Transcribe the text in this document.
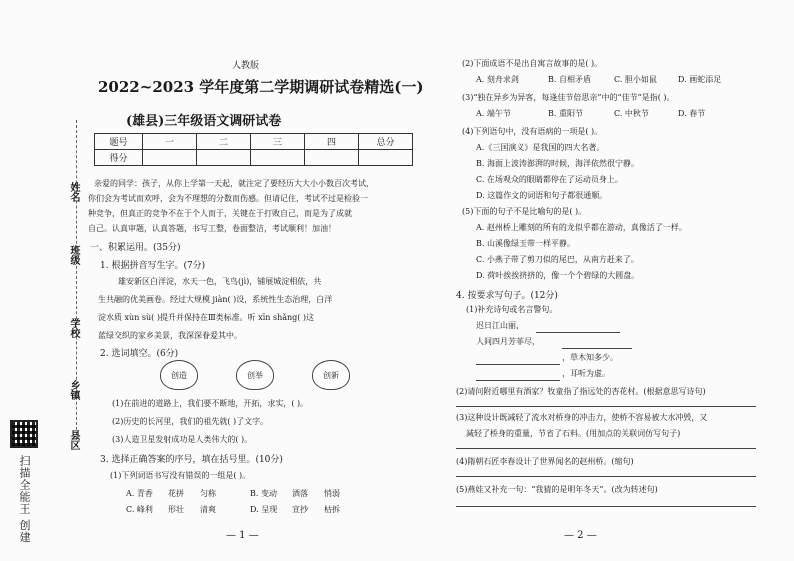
姓名
班级
学校
乡镇
县区
扫描全能王 创建
人教版
2022~2023 学年度第二学期调研试卷精选(一)
(雄县)三年级语文调研试卷
题号	一	二	三	四	总分
得分					
亲爱的同学：孩子，从你上学第一天起，就注定了要经历大大小小数百次考试，
你们会为考试而欢呼，会为不理想的分数而伤感。但请记住，考试不过是检验一
种竞争，但真正的竞争不在于个人而于，关键在于打败自己，而是为了成就
自己。认真审题，认真答题，书写工整，卷面整洁，考试顺利！加油！
一、积累运用。(35分)
1. 根据拼音写生字。(7分)
雄安新区白洋淀，水天一色，飞鸟(jì)，铺展城淀相依，共
生共融的优美画卷。经过大规模 jiàn( )设，系统性生态治理，白洋
淀水质 xùn sù( )提升并保持在Ⅲ类标准。听 xīn shǎng( )这
蓝绿交织的家乡美景，我深深眷爱其中。
2. 选词填空。(6分)
创造	创举	创新
(1)在前进的道路上，我们要不断地，开拓，求实，( )。
(2)历史的长河里，我们的祖先就( )了文字。
(3)人造卫星发射成功是人类伟大的( )。
3. 选择正确答案的序号，填在括号里。(10分)
(1)下列词语书写没有错误的一组是( )。
A. 青香 花拼 匀称	B. 变动 酒落 悄弱
C. 峰利 形壮 清爽	D. 呈现 宣抄 枯拆
— 1 —
(2)下面成语不是出自寓言故事的是( )。
A. 刻舟求剑	B. 自相矛盾	C. 胆小如鼠	D. 画蛇添足
(3)“独在异乡为异客，每逢佳节倍思亲”中的“佳节”是指( )。
A. 端午节	B. 重阳节	C. 中秋节	D. 春节
(4)下列语句中，没有语病的一项是( )。
A.《三国演义》是我国的四大名著。
B. 海面上波涛澎湃的时候，海洋依然很宁静。
C. 在场观众的眼睛都停在了运动员身上。
D. 这篇作文的词语和句子都很通顺。
(5)下面的句子不是比喻句的是( )。
A. 赵州桥上雕刻的所有的龙似乎都在游动，真像活了一样。
B. 山溪像绿玉带一样平静。
C. 小燕子带了剪刀似的尾巴，从南方赶来了。
D. 荷叶挨挨挤挤的，像一个个碧绿的大圆盘。
4. 按要求写句子。(12分)
(1)补充诗句或名言警句。
迟日江山丽，
人间四月芳菲尽，
，草木知多少。
，耳听为虚。
(2)请问附近哪里有酒家？牧童指了指远处的杏花村。(根据意思写诗句)
(3)这种设计既减轻了流水对桥身的冲击力，使桥不容易被大水冲毁，又
减轻了桥身的重量，节省了石料。(用加点的关联词仿写句子)
(4)隋朝石匠李春设计了世界闻名的赵州桥。(缩句)
(5)燕娃又补充一句：“我猜的是明年冬天”。(改为转述句)
— 2 —
